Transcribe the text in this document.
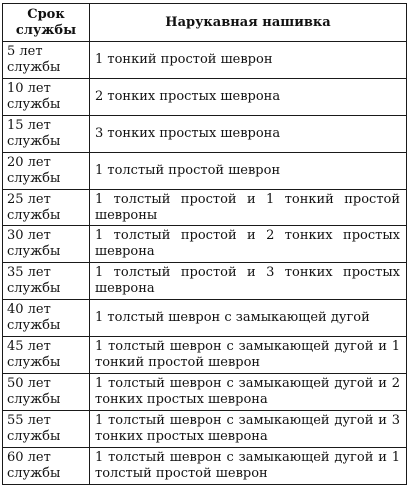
Срок службы	Нарукавная нашивка
5 лет службы	1 тонкий простой шеврон
10 лет службы	2 тонких простых шеврона
15 лет службы	3 тонких простых шеврона
20 лет службы	1 толстый простой шеврон
25 лет службы	1 толстый простой и 1 тонкий простой шевроны
30 лет службы	1 толстый простой и 2 тонких простых шеврона
35 лет службы	1 толстый простой и 3 тонких простых шеврона
40 лет службы	1 толстый шеврон с замыкающей дугой
45 лет службы	1 толстый шеврон с замыкающей дугой и 1 тонкий простой шеврон
50 лет службы	1 толстый шеврон с замыкающей дугой и 2 тонких простых шеврона
55 лет службы	1 толстый шеврон с замыкающей дугой и 3 тонких простых шеврона
60 лет службы	1 толстый шеврон с замыкающей дугой и 1 толстый простой шеврон
